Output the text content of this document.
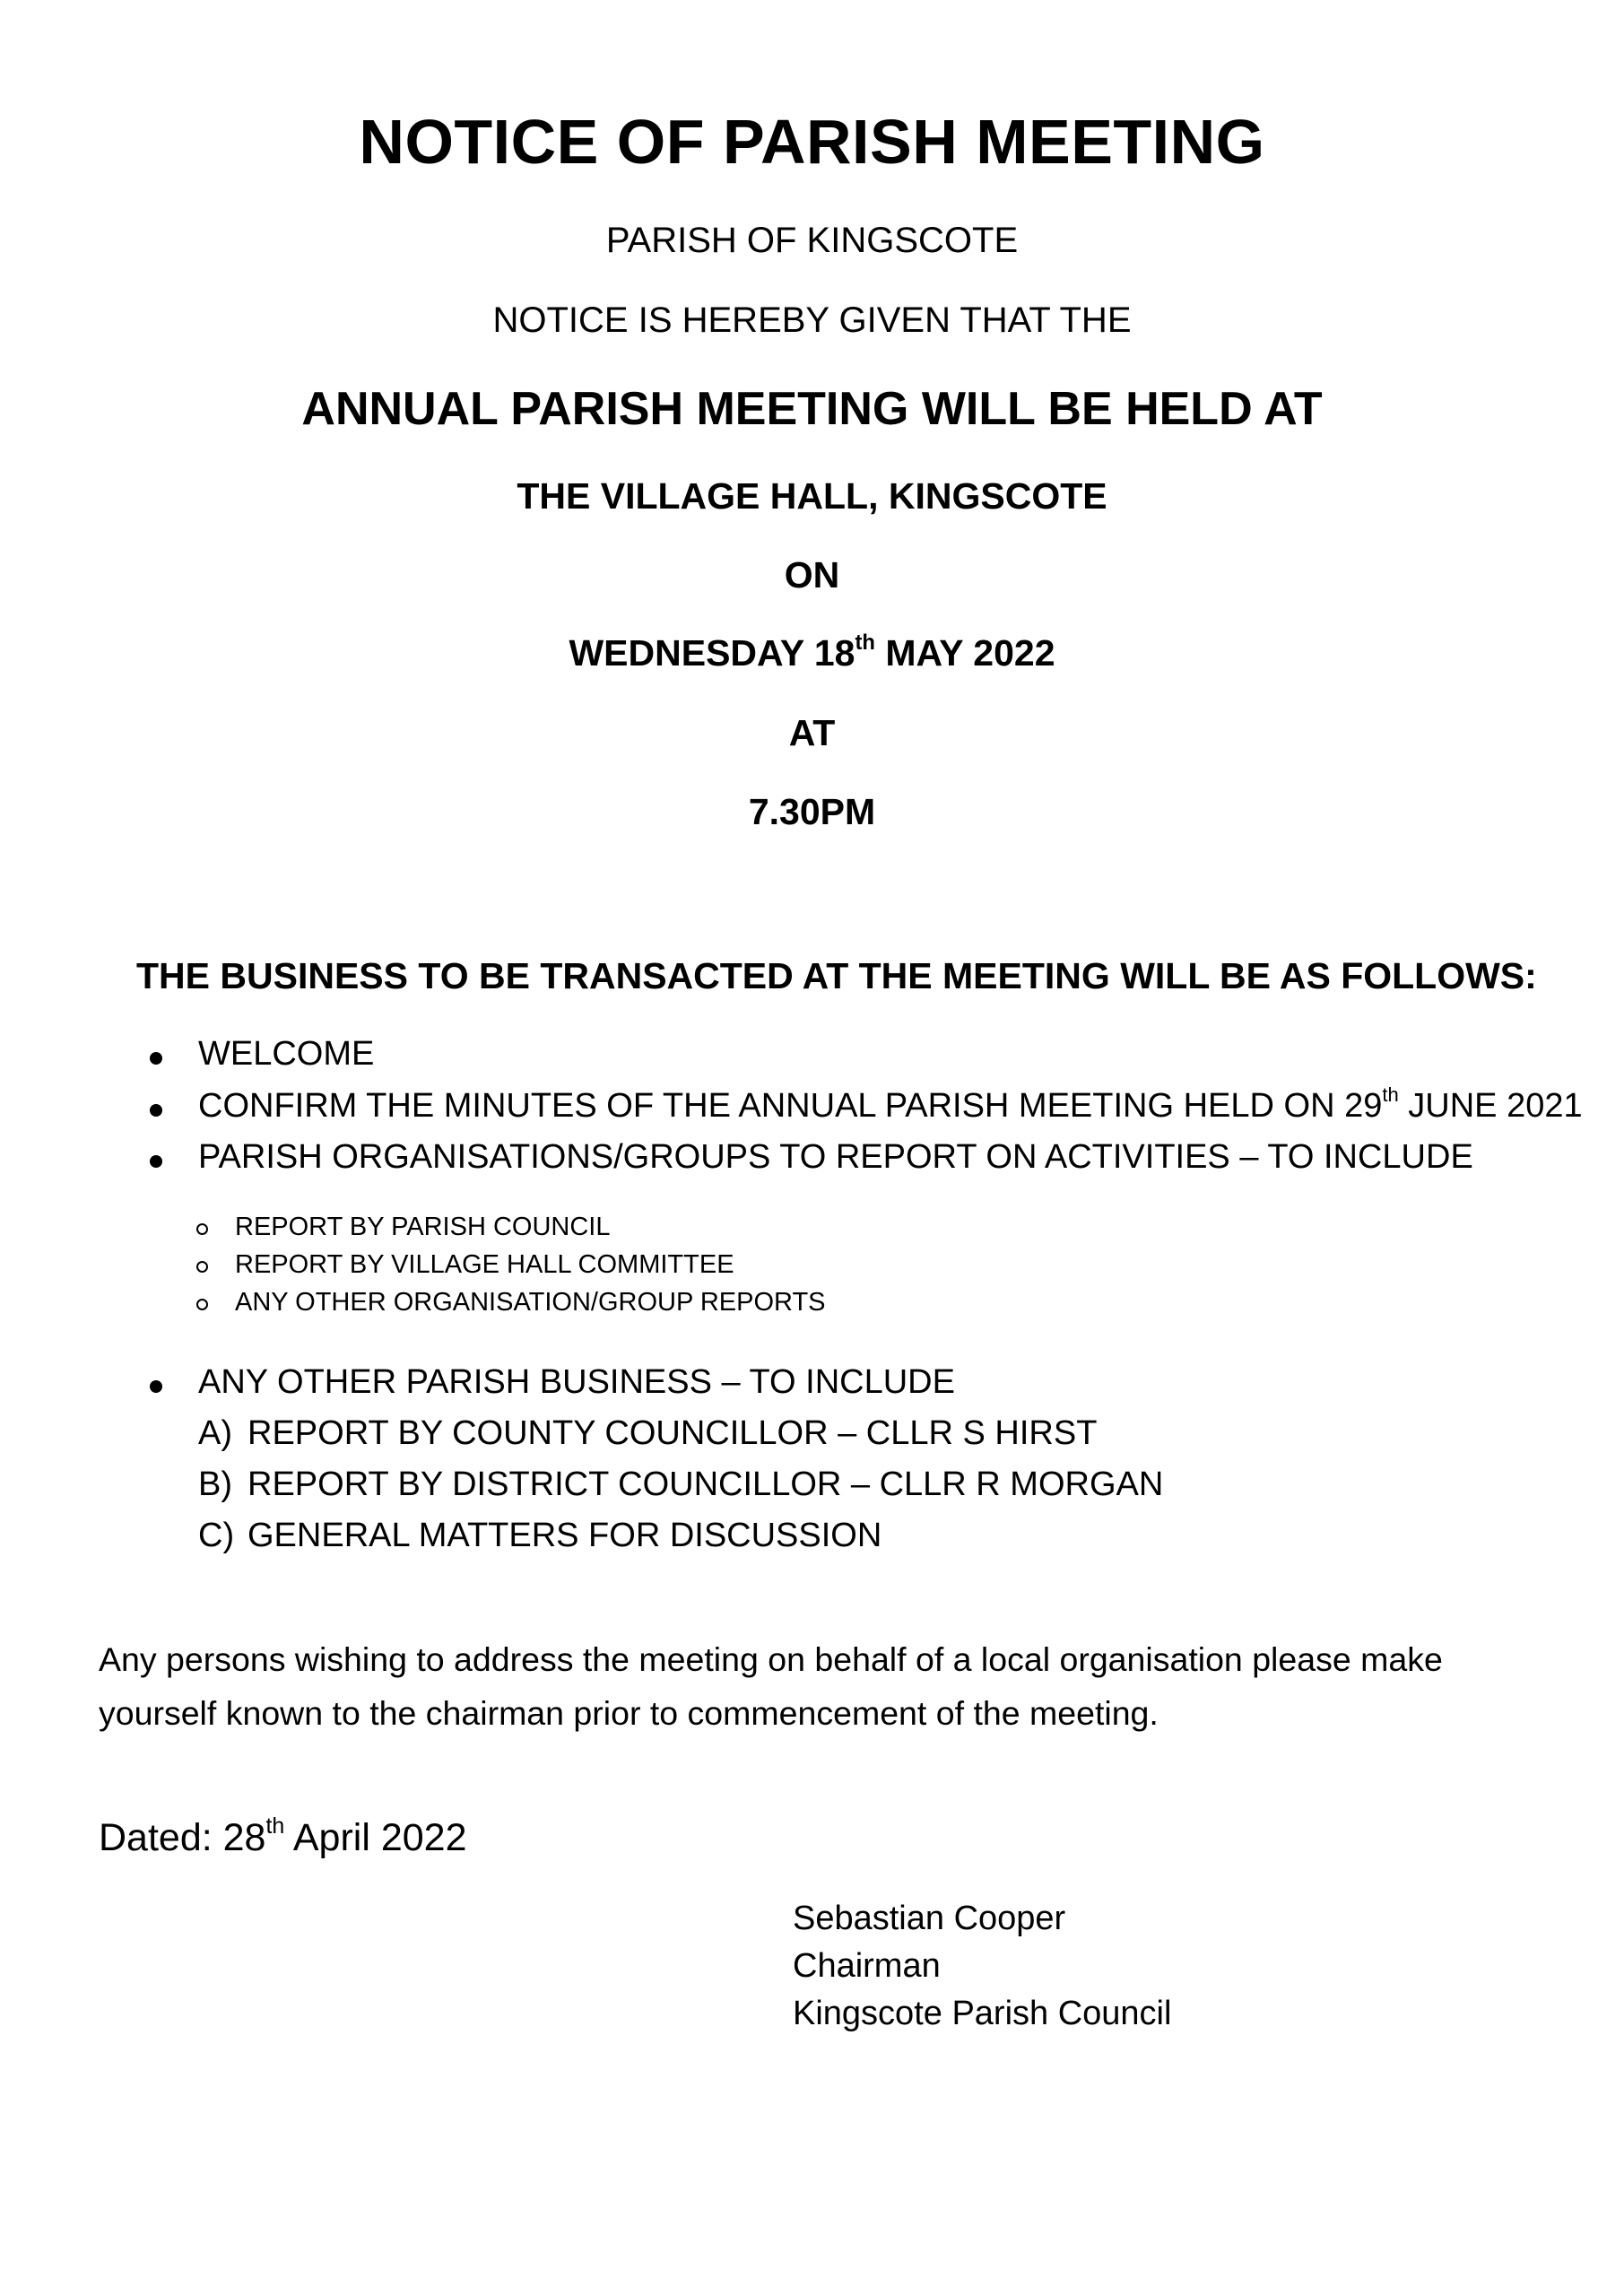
NOTICE OF PARISH MEETING
PARISH OF KINGSCOTE
NOTICE IS HEREBY GIVEN THAT THE
ANNUAL PARISH MEETING WILL BE HELD AT
THE VILLAGE HALL, KINGSCOTE
ON
WEDNESDAY 18th MAY 2022
AT
7.30PM
THE BUSINESS TO BE TRANSACTED AT THE MEETING WILL BE AS FOLLOWS:
WELCOME
CONFIRM THE MINUTES OF THE ANNUAL PARISH MEETING HELD ON 29th JUNE 2021
PARISH ORGANISATIONS/GROUPS TO REPORT ON ACTIVITIES – TO INCLUDE
REPORT BY PARISH COUNCIL
REPORT BY VILLAGE HALL COMMITTEE
ANY OTHER ORGANISATION/GROUP REPORTS
ANY OTHER PARISH BUSINESS – TO INCLUDE
A) REPORT BY COUNTY COUNCILLOR – CLLR S HIRST
B) REPORT BY DISTRICT COUNCILLOR – CLLR R MORGAN
C) GENERAL MATTERS FOR DISCUSSION
Any persons wishing to address the meeting on behalf of a local organisation please make yourself known to the chairman prior to commencement of the meeting.
Dated: 28th April 2022
Sebastian Cooper
Chairman
Kingscote Parish Council
